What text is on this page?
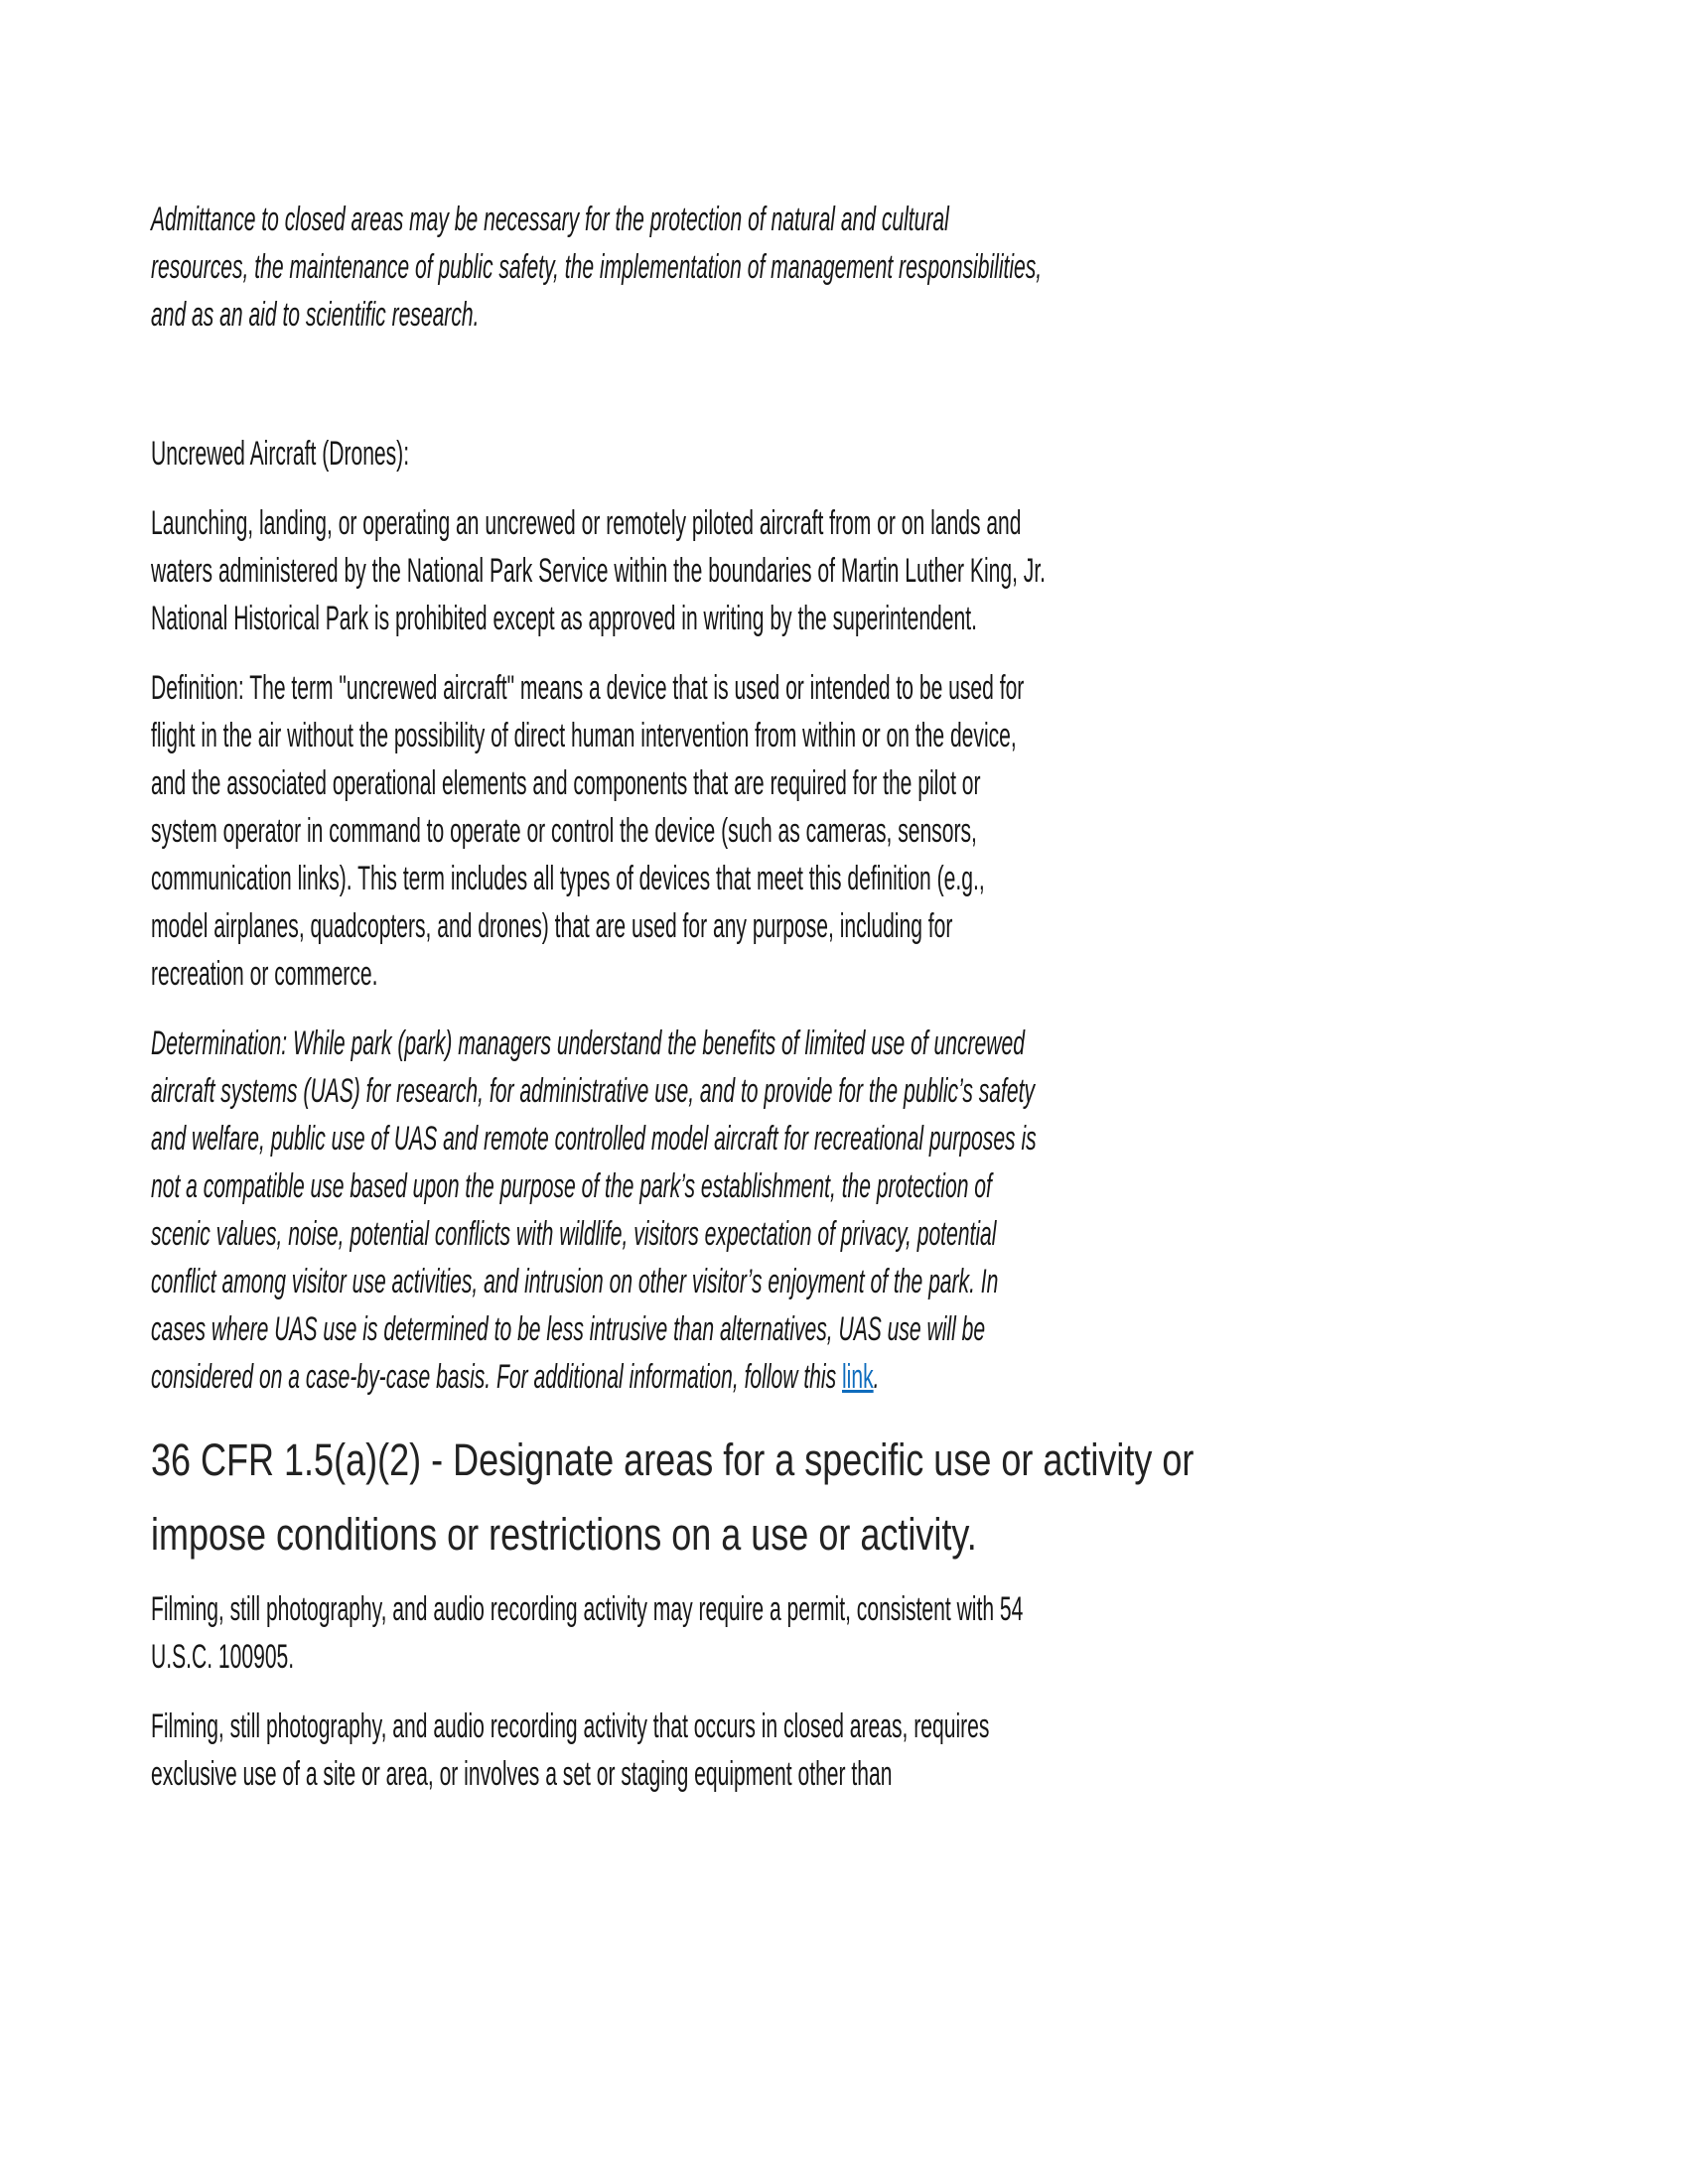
Admittance to closed areas may be necessary for the protection of natural and cultural resources, the maintenance of public safety, the implementation of management responsibilities, and as an aid to scientific research.

Uncrewed Aircraft (Drones):

Launching, landing, or operating an uncrewed or remotely piloted aircraft from or on lands and waters administered by the National Park Service within the boundaries of Martin Luther King, Jr. National Historical Park is prohibited except as approved in writing by the superintendent.

Definition: The term "uncrewed aircraft" means a device that is used or intended to be used for flight in the air without the possibility of direct human intervention from within or on the device, and the associated operational elements and components that are required for the pilot or system operator in command to operate or control the device (such as cameras, sensors, communication links). This term includes all types of devices that meet this definition (e.g., model airplanes, quadcopters, and drones) that are used for any purpose, including for recreation or commerce.

Determination: While park (park) managers understand the benefits of limited use of uncrewed aircraft systems (UAS) for research, for administrative use, and to provide for the public’s safety and welfare, public use of UAS and remote controlled model aircraft for recreational purposes is not a compatible use based upon the purpose of the park’s establishment, the protection of scenic values, noise, potential conflicts with wildlife, visitors expectation of privacy, potential conflict among visitor use activities, and intrusion on other visitor’s enjoyment of the park. In cases where UAS use is determined to be less intrusive than alternatives, UAS use will be considered on a case-by-case basis. For additional information, follow this link.

36 CFR 1.5(a)(2) - Designate areas for a specific use or activity or impose conditions or restrictions on a use or activity.

Filming, still photography, and audio recording activity may require a permit, consistent with 54 U.S.C. 100905.

Filming, still photography, and audio recording activity that occurs in closed areas, requires exclusive use of a site or area, or involves a set or staging equipment other than
